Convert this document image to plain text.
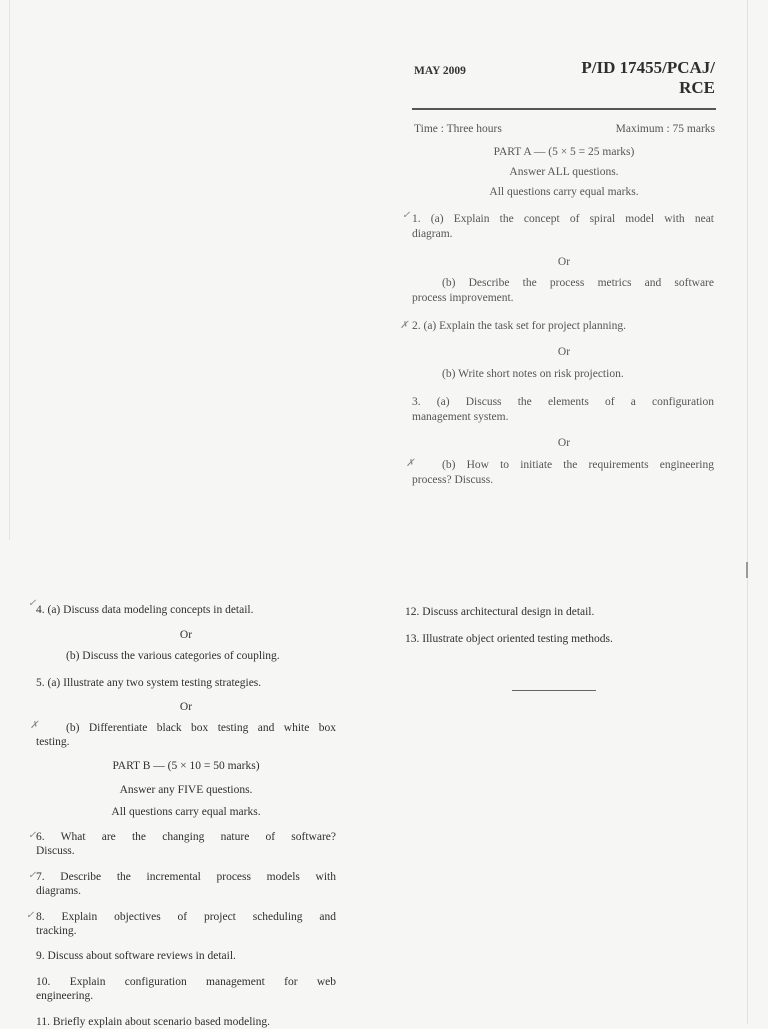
MAY 2009	P/ID 17455/PCAJ/
RCE
Time : Three hours	Maximum : 75 marks
PART A — (5 × 5 = 25 marks)
Answer ALL questions.
All questions carry equal marks.
✓ 1. (a) Explain the concept of spiral model with neat
diagram.
Or
(b) Describe the process metrics and software
process improvement.
✗ 2. (a) Explain the task set for project planning.
Or
(b) Write short notes on risk projection.
3. (a) Discuss the elements of a configuration
management system.
Or
✗ (b) How to initiate the requirements engineering
process? Discuss.
✓
4. (a) Discuss data modeling concepts in detail.
Or
(b) Discuss the various categories of coupling.
5. (a) Illustrate any two system testing strategies.
Or
✗ (b) Differentiate black box testing and white box
testing.
PART B — (5 × 10 = 50 marks)
Answer any FIVE questions.
All questions carry equal marks.
✓ 6. What are the changing nature of software?
Discuss.
✓ 7. Describe the incremental process models with
diagrams.
✓ 8. Explain objectives of project scheduling and
tracking.
9. Discuss about software reviews in detail.
10. Explain configuration management for web
engineering.
11. Briefly explain about scenario based modeling.
12. Discuss architectural design in detail.
13. Illustrate object oriented testing methods.
